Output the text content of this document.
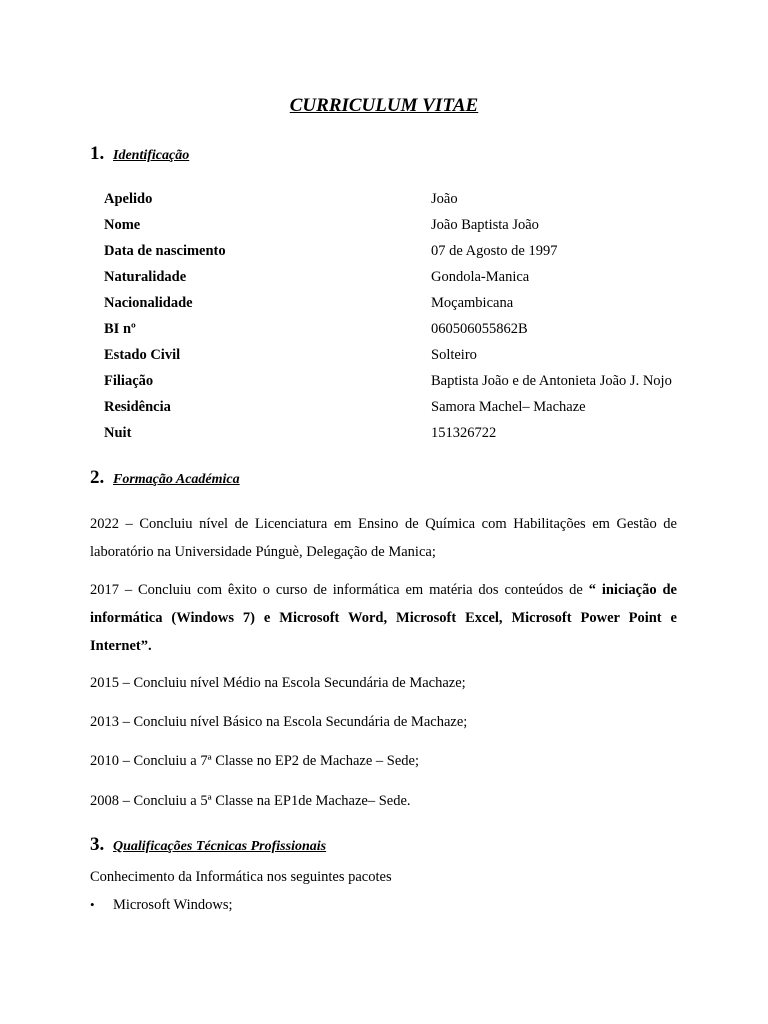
CURRICULUM VITAE
1. Identificação
Apelido	João
Nome	João Baptista João
Data de nascimento	07 de Agosto de 1997
Naturalidade	Gondola-Manica
Nacionalidade	Moçambicana
BI nº	060506055862B
Estado Civil	Solteiro
Filiação	Baptista João e de Antonieta João J. Nojo
Residência	Samora Machel– Machaze
Nuit	151326722
2. Formação Académica
2022 – Concluiu nível de Licenciatura em Ensino de Química com Habilitações em Gestão de
laboratório na Universidade Púnguè, Delegação de Manica;
2017 – Concluiu com êxito o curso de informática em matéria dos conteúdos de “ iniciação de
informática (Windows 7) e Microsoft Word, Microsoft Excel, Microsoft Power Point e
Internet”.
2015 – Concluiu nível Médio na Escola Secundária de Machaze;
2013 – Concluiu nível Básico na Escola Secundária de Machaze;
2010 – Concluiu a 7ª Classe no EP2 de Machaze – Sede;
2008 – Concluiu a 5ª Classe na EP1de Machaze– Sede.
3. Qualificações Técnicas Profissionais
Conhecimento da Informática nos seguintes pacotes
• Microsoft Windows;
